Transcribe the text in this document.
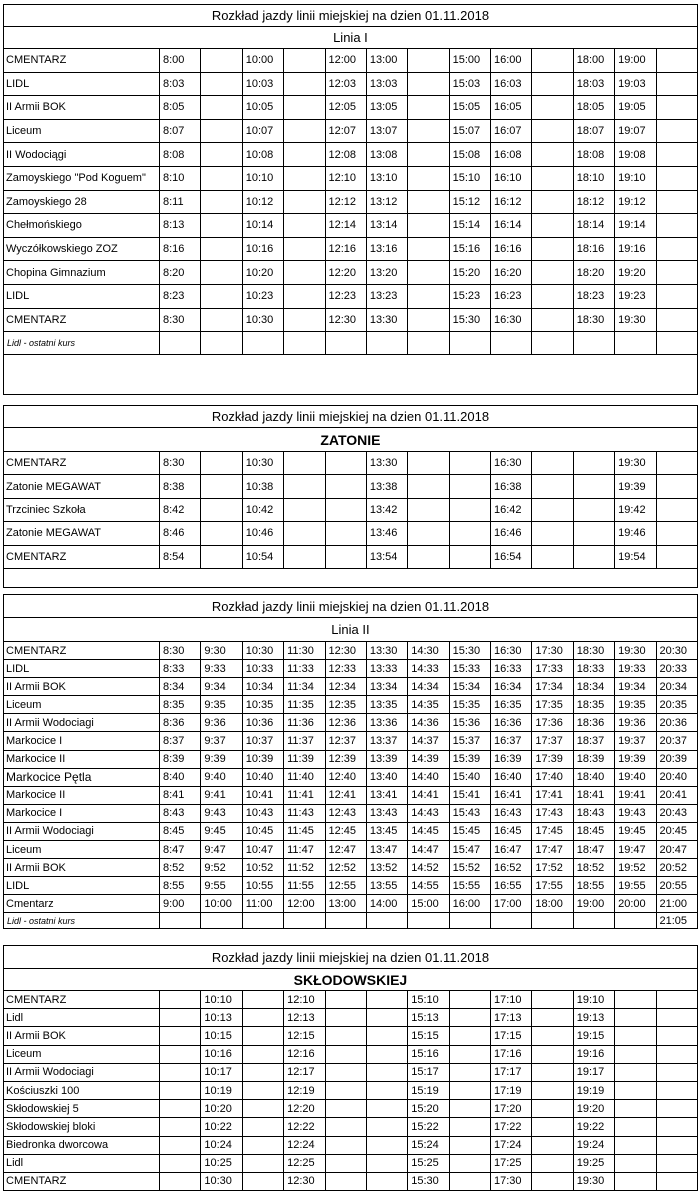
Rozkład jazdy linii miejskiej na dzien 01.11.2018													
Linia I													
CMENTARZ	8:00		10:00		12:00	13:00		15:00	16:00		18:00	19:00	
LIDL	8:03		10:03		12:03	13:03		15:03	16:03		18:03	19:03	
II Armii BOK	8:05		10:05		12:05	13:05		15:05	16:05		18:05	19:05	
Liceum	8:07		10:07		12:07	13:07		15:07	16:07		18:07	19:07	
II Wodociągi	8:08		10:08		12:08	13:08		15:08	16:08		18:08	19:08	
Zamoyskiego "Pod Koguem"	8:10		10:10		12:10	13:10		15:10	16:10		18:10	19:10	
Zamoyskiego 28	8:11		10:12		12:12	13:12		15:12	16:12		18:12	19:12	
Chełmońskiego	8:13		10:14		12:14	13:14		15:14	16:14		18:14	19:14	
Wyczółkowskiego ZOZ	8:16		10:16		12:16	13:16		15:16	16:16		18:16	19:16	
Chopina Gimnazium	8:20		10:20		12:20	13:20		15:20	16:20		18:20	19:20	
LIDL	8:23		10:23		12:23	13:23		15:23	16:23		18:23	19:23	
CMENTARZ	8:30		10:30		12:30	13:30		15:30	16:30		18:30	19:30	
Lidl - ostatni kurs													

Rozkład jazdy linii miejskiej na dzien 01.11.2018													
ZATONIE													
CMENTARZ	8:30		10:30			13:30			16:30			19:30	
Zatonie MEGAWAT	8:38		10:38			13:38			16:38			19:39	
Trzciniec Szkoła	8:42		10:42			13:42			16:42			19:42	
Zatonie MEGAWAT	8:46		10:46			13:46			16:46			19:46	
CMENTARZ	8:54		10:54			13:54			16:54			19:54	

Rozkład jazdy linii miejskiej na dzien 01.11.2018													
Linia II													
CMENTARZ	8:30	9:30	10:30	11:30	12:30	13:30	14:30	15:30	16:30	17:30	18:30	19:30	20:30
LIDL	8:33	9:33	10:33	11:33	12:33	13:33	14:33	15:33	16:33	17:33	18:33	19:33	20:33
II Armii BOK	8:34	9:34	10:34	11:34	12:34	13:34	14:34	15:34	16:34	17:34	18:34	19:34	20:34
Liceum	8:35	9:35	10:35	11:35	12:35	13:35	14:35	15:35	16:35	17:35	18:35	19:35	20:35
II Armii Wodociagi	8:36	9:36	10:36	11:36	12:36	13:36	14:36	15:36	16:36	17:36	18:36	19:36	20:36
Markocice I	8:37	9:37	10:37	11:37	12:37	13:37	14:37	15:37	16:37	17:37	18:37	19:37	20:37
Markocice II	8:39	9:39	10:39	11:39	12:39	13:39	14:39	15:39	16:39	17:39	18:39	19:39	20:39
Markocice Pętla	8:40	9:40	10:40	11:40	12:40	13:40	14:40	15:40	16:40	17:40	18:40	19:40	20:40
Markocice II	8:41	9:41	10:41	11:41	12:41	13:41	14:41	15:41	16:41	17:41	18:41	19:41	20:41
Markocice I	8:43	9:43	10:43	11:43	12:43	13:43	14:43	15:43	16:43	17:43	18:43	19:43	20:43
II Armii Wodociagi	8:45	9:45	10:45	11:45	12:45	13:45	14:45	15:45	16:45	17:45	18:45	19:45	20:45
Liceum	8:47	9:47	10:47	11:47	12:47	13:47	14:47	15:47	16:47	17:47	18:47	19:47	20:47
II Armii BOK	8:52	9:52	10:52	11:52	12:52	13:52	14:52	15:52	16:52	17:52	18:52	19:52	20:52
LIDL	8:55	9:55	10:55	11:55	12:55	13:55	14:55	15:55	16:55	17:55	18:55	19:55	20:55
Cmentarz	9:00	10:00	11:00	12:00	13:00	14:00	15:00	16:00	17:00	18:00	19:00	20:00	21:00
Lidl - ostatni kurs													21:05
Rozkład jazdy linii miejskiej na dzien 01.11.2018													
SKŁODOWSKIEJ													
CMENTARZ		10:10		12:10			15:10		17:10		19:10		
Lidl		10:13		12:13			15:13		17:13		19:13		
II Armii BOK		10:15		12:15			15:15		17:15		19:15		
Liceum		10:16		12:16			15:16		17:16		19:16		
II Armii Wodociagi		10:17		12:17			15:17		17:17		19:17		
Kościuszki 100		10:19		12:19			15:19		17:19		19:19		
Skłodowskiej 5		10:20		12:20			15:20		17:20		19:20		
Skłodowskiej bloki		10:22		12:22			15:22		17:22		19:22		
Biedronka dworcowa		10:24		12:24			15:24		17:24		19:24		
Lidl		10:25		12:25			15:25		17:25		19:25		
CMENTARZ		10:30		12:30			15:30		17:30		19:30		
